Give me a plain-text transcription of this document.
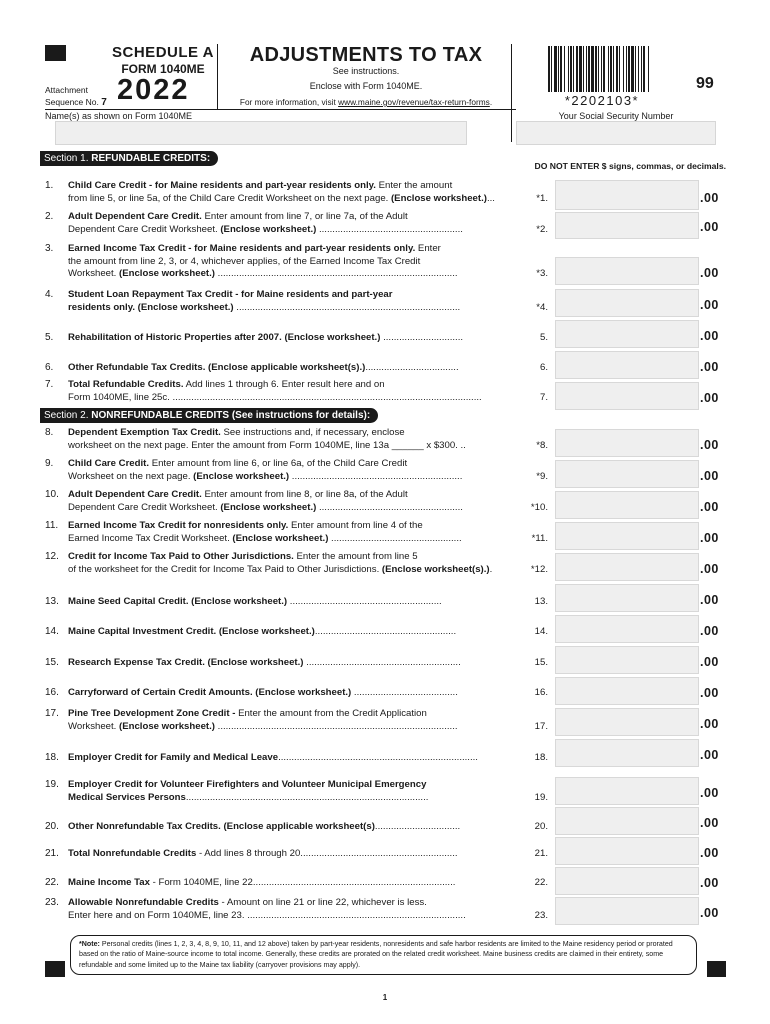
SCHEDULE A
FORM 1040ME
Attachment
Sequence No. 7 2022
ADJUSTMENTS TO TAX
See instructions.
Enclose with Form 1040ME.
For more information, visit www.maine.gov/revenue/tax-return-forms.	*2202103*
99
Name(s) as shown on Form 1040ME	Your Social Security Number
Section 1. REFUNDABLE CREDITS:
DO NOT ENTER $ signs, commas, or decimals.
Section 2. NONREFUNDABLE CREDITS (See instructions for details):
1. Child Care Credit - for Maine residents and part-year residents only. Enter the amount
from line 5, or line 5a, of the Child Care Credit Worksheet on the next page. (Enclose worksheet.)...	*1.	.00
2. Adult Dependent Care Credit. Enter amount from line 7, or line 7a, of the Adult
Dependent Care Credit Worksheet. (Enclose worksheet.) ......................................................	*2.	.00
3. Earned Income Tax Credit - for Maine residents and part-year residents only. Enter
the amount from line 2, 3, or 4, whichever applies, of the Earned Income Tax Credit
Worksheet. (Enclose worksheet.) ..........................................................................................	*3.	.00
4. Student Loan Repayment Tax Credit - for Maine residents and part-year
residents only. (Enclose worksheet.) ....................................................................................	*4.	.00
5. Rehabilitation of Historic Properties after 2007. (Enclose worksheet.) ..............................	5.	.00
6. Other Refundable Tax Credits. (Enclose applicable worksheet(s).)...................................	6.	.00
7. Total Refundable Credits. Add lines 1 through 6. Enter result here and on
Form 1040ME, line 25c. ....................................................................................................................	7.	.00
8. Dependent Exemption Tax Credit. See instructions and, if necessary, enclose
worksheet on the next page. Enter the amount from Form 1040ME, line 13a ______ x $300. ..	*8.	.00
9. Child Care Credit. Enter amount from line 6, or line 6a, of the Child Care Credit
Worksheet on the next page. (Enclose worksheet.) ................................................................	*9.	.00
10. Adult Dependent Care Credit. Enter amount from line 8, or line 8a, of the Adult
Dependent Care Credit Worksheet. (Enclose worksheet.) ......................................................	*10.	.00
11. Earned Income Tax Credit for nonresidents only. Enter amount from line 4 of the
Earned Income Tax Credit Worksheet. (Enclose worksheet.) .................................................	*11.	.00
12. Credit for Income Tax Paid to Other Jurisdictions. Enter the amount from line 5
of the worksheet for the Credit for Income Tax Paid to Other Jurisdictions. (Enclose worksheet(s).).	*12.	.00
13. Maine Seed Capital Credit. (Enclose worksheet.) .........................................................	13.	.00
14. Maine Capital Investment Credit. (Enclose worksheet.).....................................................	14.	.00
15. Research Expense Tax Credit. (Enclose worksheet.) ..........................................................	15.	.00
16. Carryforward of Certain Credit Amounts. (Enclose worksheet.) .......................................	16.	.00
17. Pine Tree Development Zone Credit - Enter the amount from the Credit Application
Worksheet. (Enclose worksheet.) ..........................................................................................	17.	.00
18. Employer Credit for Family and Medical Leave...........................................................................	18.	.00
19. Employer Credit for Volunteer Firefighters and Volunteer Municipal Emergency
Medical Services Persons...........................................................................................	19.	.00
20. Other Nonrefundable Tax Credits. (Enclose applicable worksheet(s)................................	20.	.00
21. Total Nonrefundable Credits - Add lines 8 through 20...........................................................	21.	.00
22. Maine Income Tax - Form 1040ME, line 22............................................................................	22.	.00
23. Allowable Nonrefundable Credits - Amount on line 21 or line 22, whichever is less.
Enter here and on Form 1040ME, line 23. ..................................................................................	23.	.00
*Note: Personal credits (lines 1, 2, 3, 4, 8, 9, 10, 11, and 12 above) taken by part-year residents, nonresidents and safe harbor residents are limited to the Maine residency period or prorated based on the ratio of Maine-source income to total income. Generally, these credits are prorated on the related credit worksheet. Maine business credits are claimed in their entirety, some refundable and some limited up to the Maine tax liability (carryover provisions may apply).
1
